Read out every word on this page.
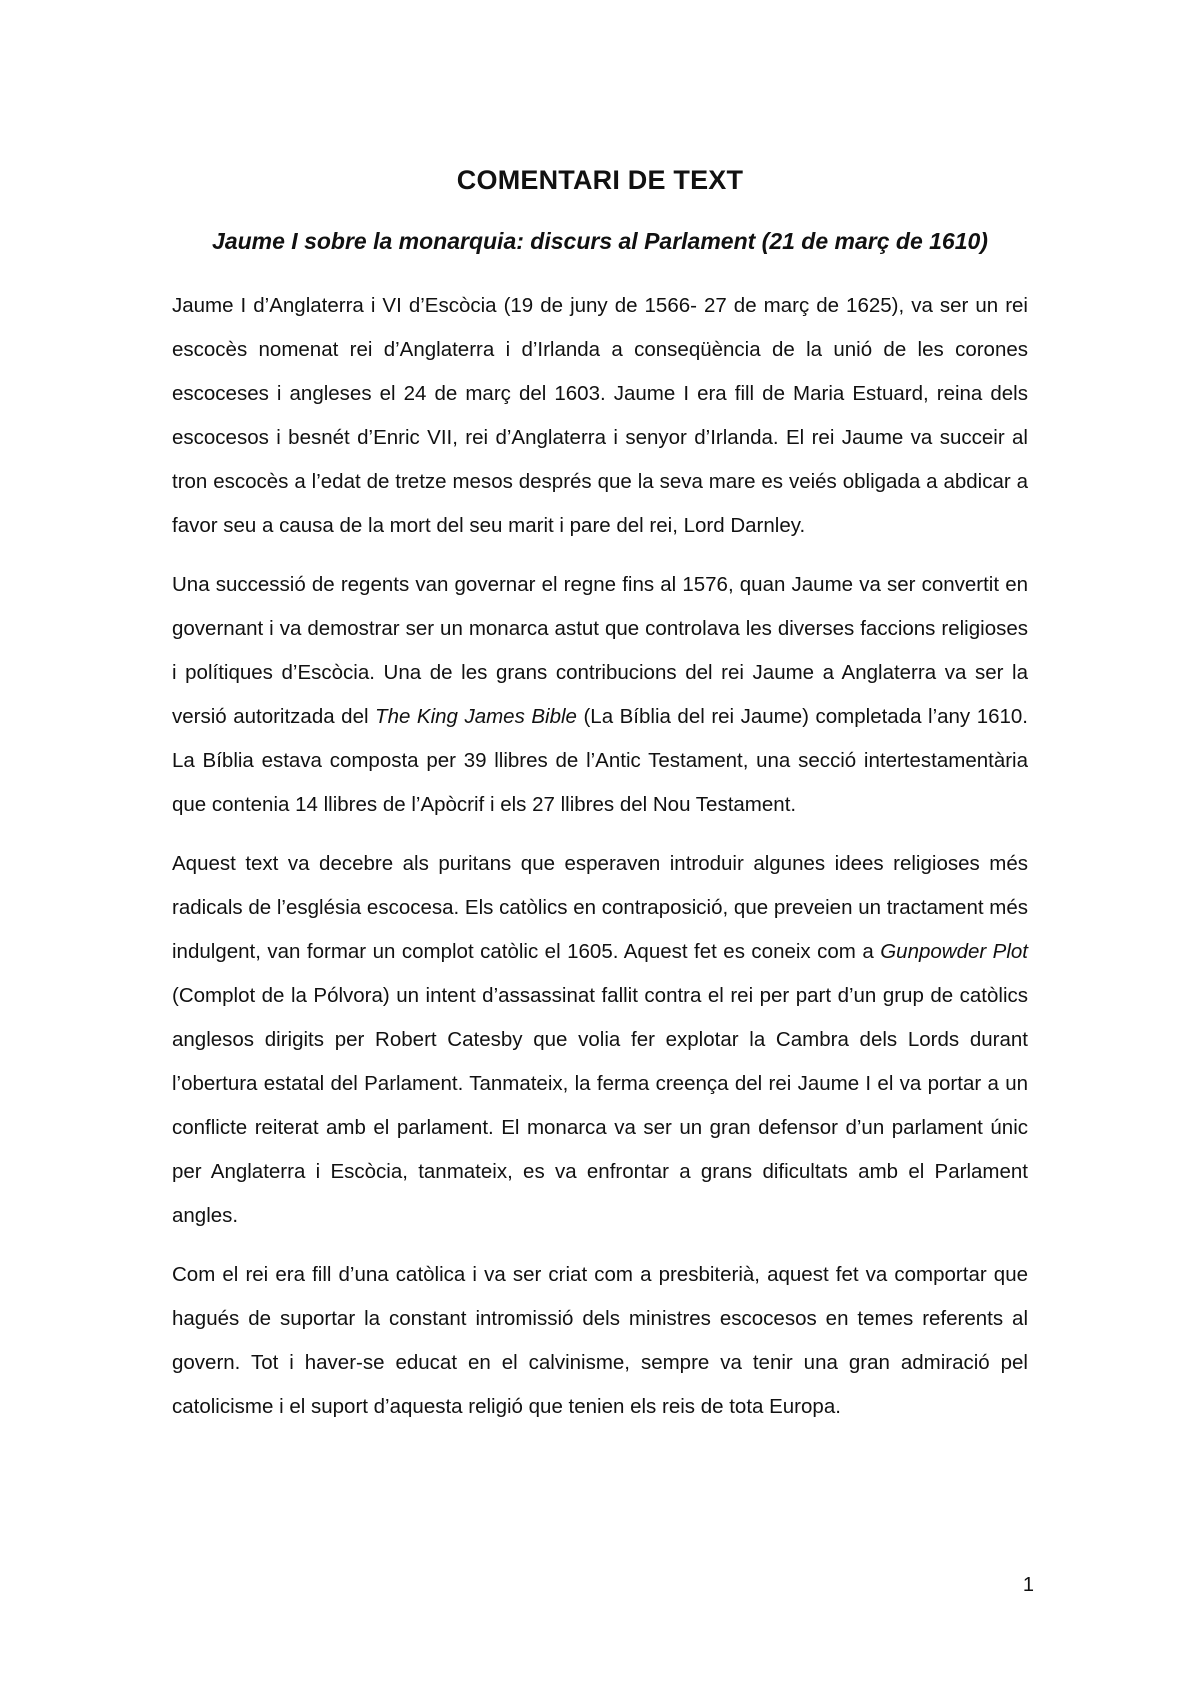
COMENTARI DE TEXT
Jaume I sobre la monarquia: discurs al Parlament (21 de març de 1610)

Jaume I d’Anglaterra i VI d’Escòcia (19 de juny de 1566- 27 de març de 1625), va ser un rei escocès nomenat rei d’Anglaterra i d’Irlanda a conseqüència de la unió de les corones escoceses i angleses el 24 de març del 1603. Jaume I era fill de Maria Estuard, reina dels escocesos i besnét d’Enric VII, rei d’Anglaterra i senyor d’Irlanda. El rei Jaume va succeir al tron escocès a l’edat de tretze mesos després que la seva mare es veiés obligada a abdicar a favor seu a causa de la mort del seu marit i pare del rei, Lord Darnley.

Una successió de regents van governar el regne fins al 1576, quan Jaume va ser convertit en governant i va demostrar ser un monarca astut que controlava les diverses faccions religioses i polítiques d’Escòcia. Una de les grans contribucions del rei Jaume a Anglaterra va ser la versió autoritzada del The King James Bible (La Bíblia del rei Jaume) completada l’any 1610. La Bíblia estava composta per 39 llibres de l’Antic Testament, una secció intertestamentària que contenia 14 llibres de l’Apòcrif i els 27 llibres del Nou Testament.

Aquest text va decebre als puritans que esperaven introduir algunes idees religioses més radicals de l’església escocesa. Els catòlics en contraposició, que preveien un tractament més indulgent, van formar un complot catòlic el 1605. Aquest fet es coneix com a Gunpowder Plot (Complot de la Pólvora) un intent d’assassinat fallit contra el rei per part d’un grup de catòlics anglesos dirigits per Robert Catesby que volia fer explotar la Cambra dels Lords durant l’obertura estatal del Parlament. Tanmateix, la ferma creença del rei Jaume I el va portar a un conflicte reiterat amb el parlament. El monarca va ser un gran defensor d’un parlament únic per Anglaterra i Escòcia, tanmateix, es va enfrontar a grans dificultats amb el Parlament angles.

Com el rei era fill d’una catòlica i va ser criat com a presbiterià, aquest fet va comportar que hagués de suportar la constant intromissió dels ministres escocesos en temes referents al govern. Tot i haver-se educat en el calvinisme, sempre va tenir una gran admiració pel catolicisme i el suport d’aquesta religió que tenien els reis de tota Europa.

1
